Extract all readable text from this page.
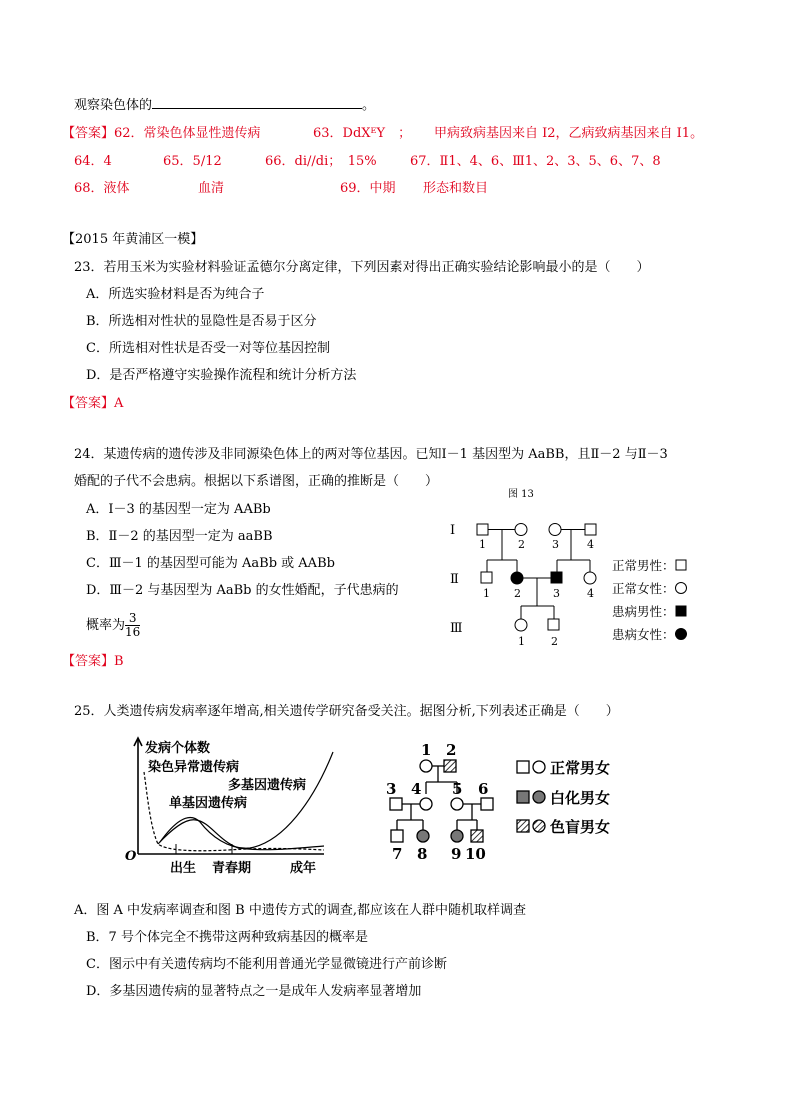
观察染色体的	。
【答案】62．常染色体显性遗传病	63．DdXᴱY　； 甲病致病基因来自 I2，乙病致病基因来自 I1。
64．4	65．5/12	66．di//di；　15%	67．Ⅱ1、4、6、Ⅲ1、2、3、5、6、7、8
68．液体	血清	69．中期 形态和数目
【2015 年黄浦区一模】
23．若用玉米为实验材料验证孟德尔分离定律，下列因素对得出正确实验结论影响最小的是（　　）
A．所选实验材料是否为纯合子
B．所选相对性状的显隐性是否易于区分
C．所选相对性状是否受一对等位基因控制
D．是否严格遵守实验操作流程和统计分析方法
【答案】A
24．某遗传病的遗传涉及非同源染色体上的两对等位基因。已知Ⅰ－1 基因型为 AaBB，且Ⅱ－2 与Ⅱ－3
婚配的子代不会患病。根据以下系谱图，正确的推断是（　　）
A．Ⅰ－3 的基因型一定为 AABb
B．Ⅱ－2 的基因型一定为 aaBB
C．Ⅲ－1 的基因型可能为 AaBb 或 AABb
D．Ⅲ－2 与基因型为 AaBb 的女性婚配，子代患病的
概率为 $\frac{3}{16}$
【答案】B
图 13
Ⅰ
Ⅱ
Ⅲ
1	2 3	4
1 2	3 4
1 2
正常男性：
正常女性：
患病男性：
患病女性：
25．人类遗传病发病率逐年增高,相关遗传学研究备受关注。据图分析,下列表述正确是（　　）
发病个体数
染色异常遗传病
多基因遗传病
单基因遗传病
出生 青春期	成年
O
1 2
3 4 5 6
7 8 9 10
正常男女
白化男女
色盲男女
A．图 A 中发病率调查和图 B 中遗传方式的调查,都应该在人群中随机取样调查
B．7 号个体完全不携带这两种致病基因的概率是
C．图示中有关遗传病均不能利用普通光学显微镜进行产前诊断
D．多基因遗传病的显著特点之一是成年人发病率显著增加
